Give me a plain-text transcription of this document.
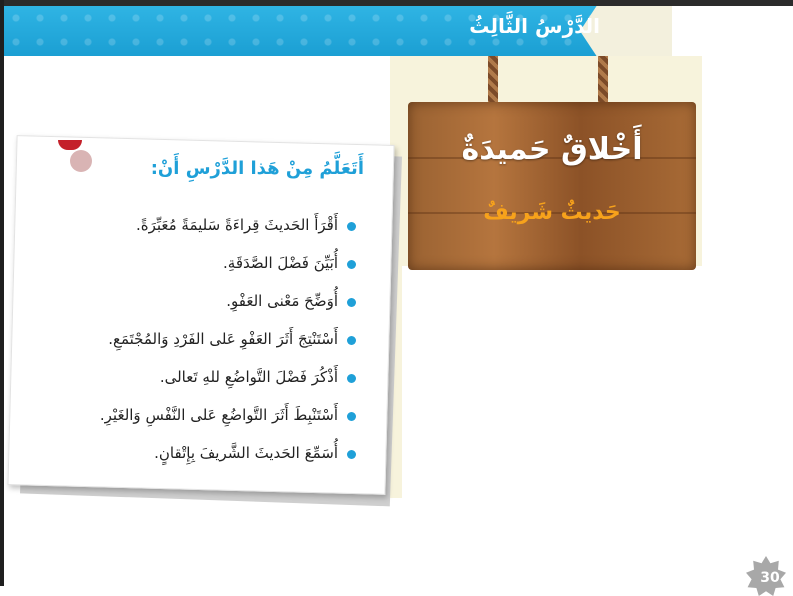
الدَّرْسُ الثَّالِثُ
أَخْلاقٌ حَميدَةٌ
حَديثٌ شَريفٌ
أَتَعَلَّمُ مِنْ هَذا الدَّرْسِ أَنْ:
أَقْرَأَ الحَديثَ قِراءَةً سَليمَةً مُعَبِّرَةً.
أُبَيِّنَ فَضْلَ الصَّدَقَةِ.
أُوَضِّحَ مَعْنى العَفْوِ.
أَسْتَنْتِجَ أَثَرَ العَفْوِ عَلى الفَرْدِ وَالمُجْتَمَعِ.
أَذْكُرَ فَضْلَ التَّواضُعِ للهِ تَعالى.
أَسْتَنْبِطَ أَثَرَ التَّواضُعِ عَلى النَّفْسِ وَالغَيْرِ.
أُسَمِّعَ الحَديثَ الشَّريفَ بِإِتْقانٍ.
30
